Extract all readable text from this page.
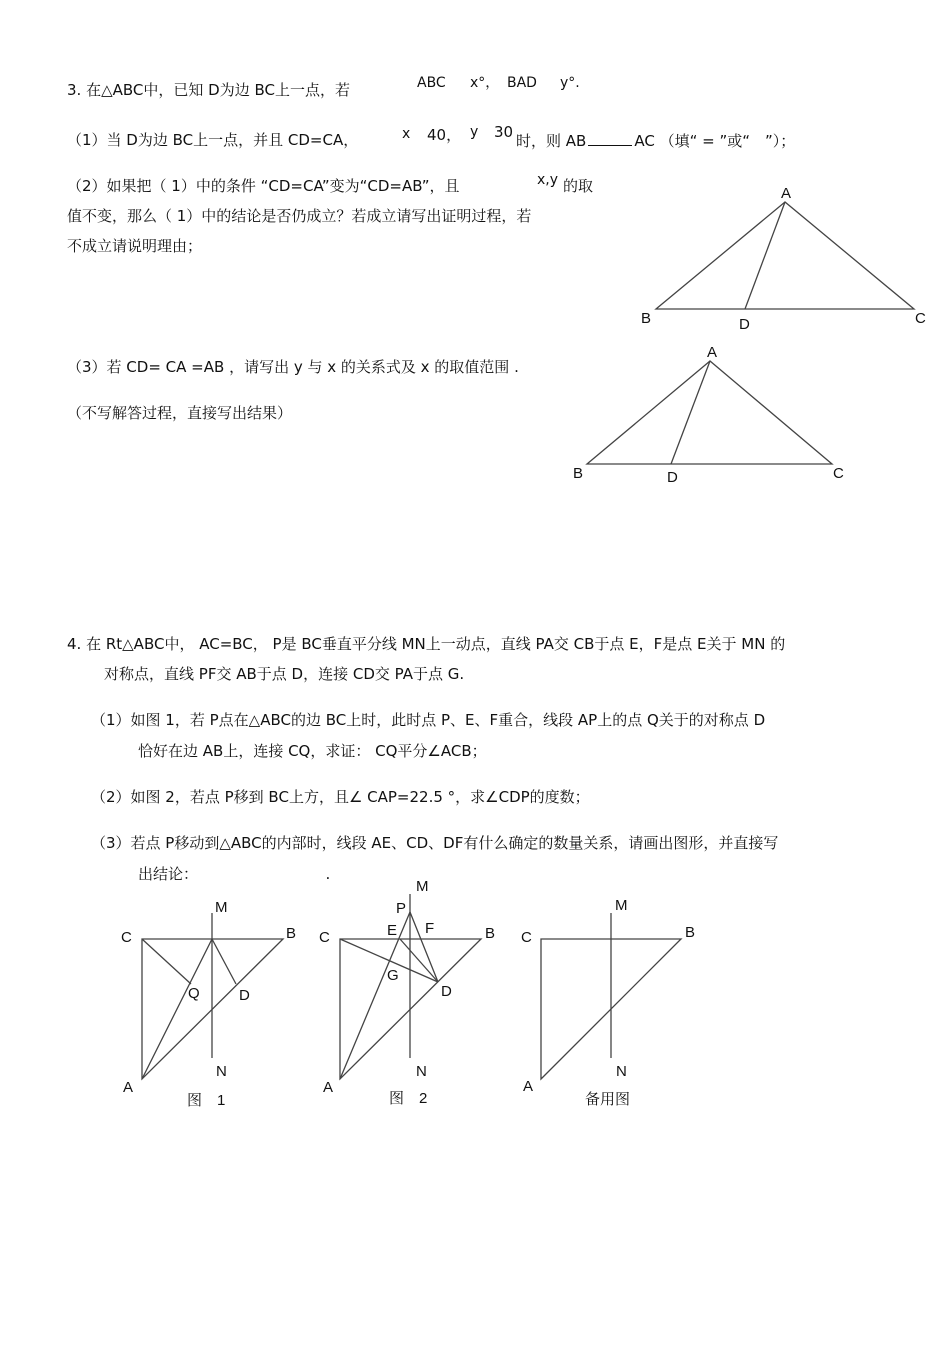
3. 在△ABC中，已知 D为边 BC上一点，若	ABC x°， BAD y°.
（1）当 D为边 BC上一点，并且 CD=CA，	x 40， y 30 时，则 AB	AC （填“ = ”或“　”）；
（2）如果把（ 1）中的条件 “CD=CA”变为“CD=AB”，且	x,y 的取
值不变，那么（ 1）中的结论是否仍成立？若成立请写出证明过程，若
不成立请说明理由；
（3）若 CD= CA =AB ，请写出 y 与 x 的关系式及 x 的取值范围 .
（不写解答过程，直接写出结果）
A
B	D	C
A
B	D	C
C	B
M
N
A
Q	D
图　1
C	B
M
P
E F
G
D
N
A
图　2
C	B
M
N
A
备用图
4. 在 Rt△ABC中， AC=BC， P是 BC垂直平分线 MN上一动点，直线 PA交 CB于点 E，F是点 E关于 MN 的
对称点，直线 PF交 AB于点 D，连接 CD交 PA于点 G.
（1）如图 1，若 P点在△ABC的边 BC上时，此时点 P、E、F重合，线段 AP上的点 Q关于的对称点 D
恰好在边 AB上，连接 CQ，求证： CQ平分∠ACB；
（2）如图 2，若点 P移到 BC上方，且∠ CAP=22.5 °，求∠CDP的度数；
（3）若点 P移动到△ABC的内部时，线段 AE、CD、DF有什么确定的数量关系，请画出图形，并直接写
出结论：　　　　　　　　　.
